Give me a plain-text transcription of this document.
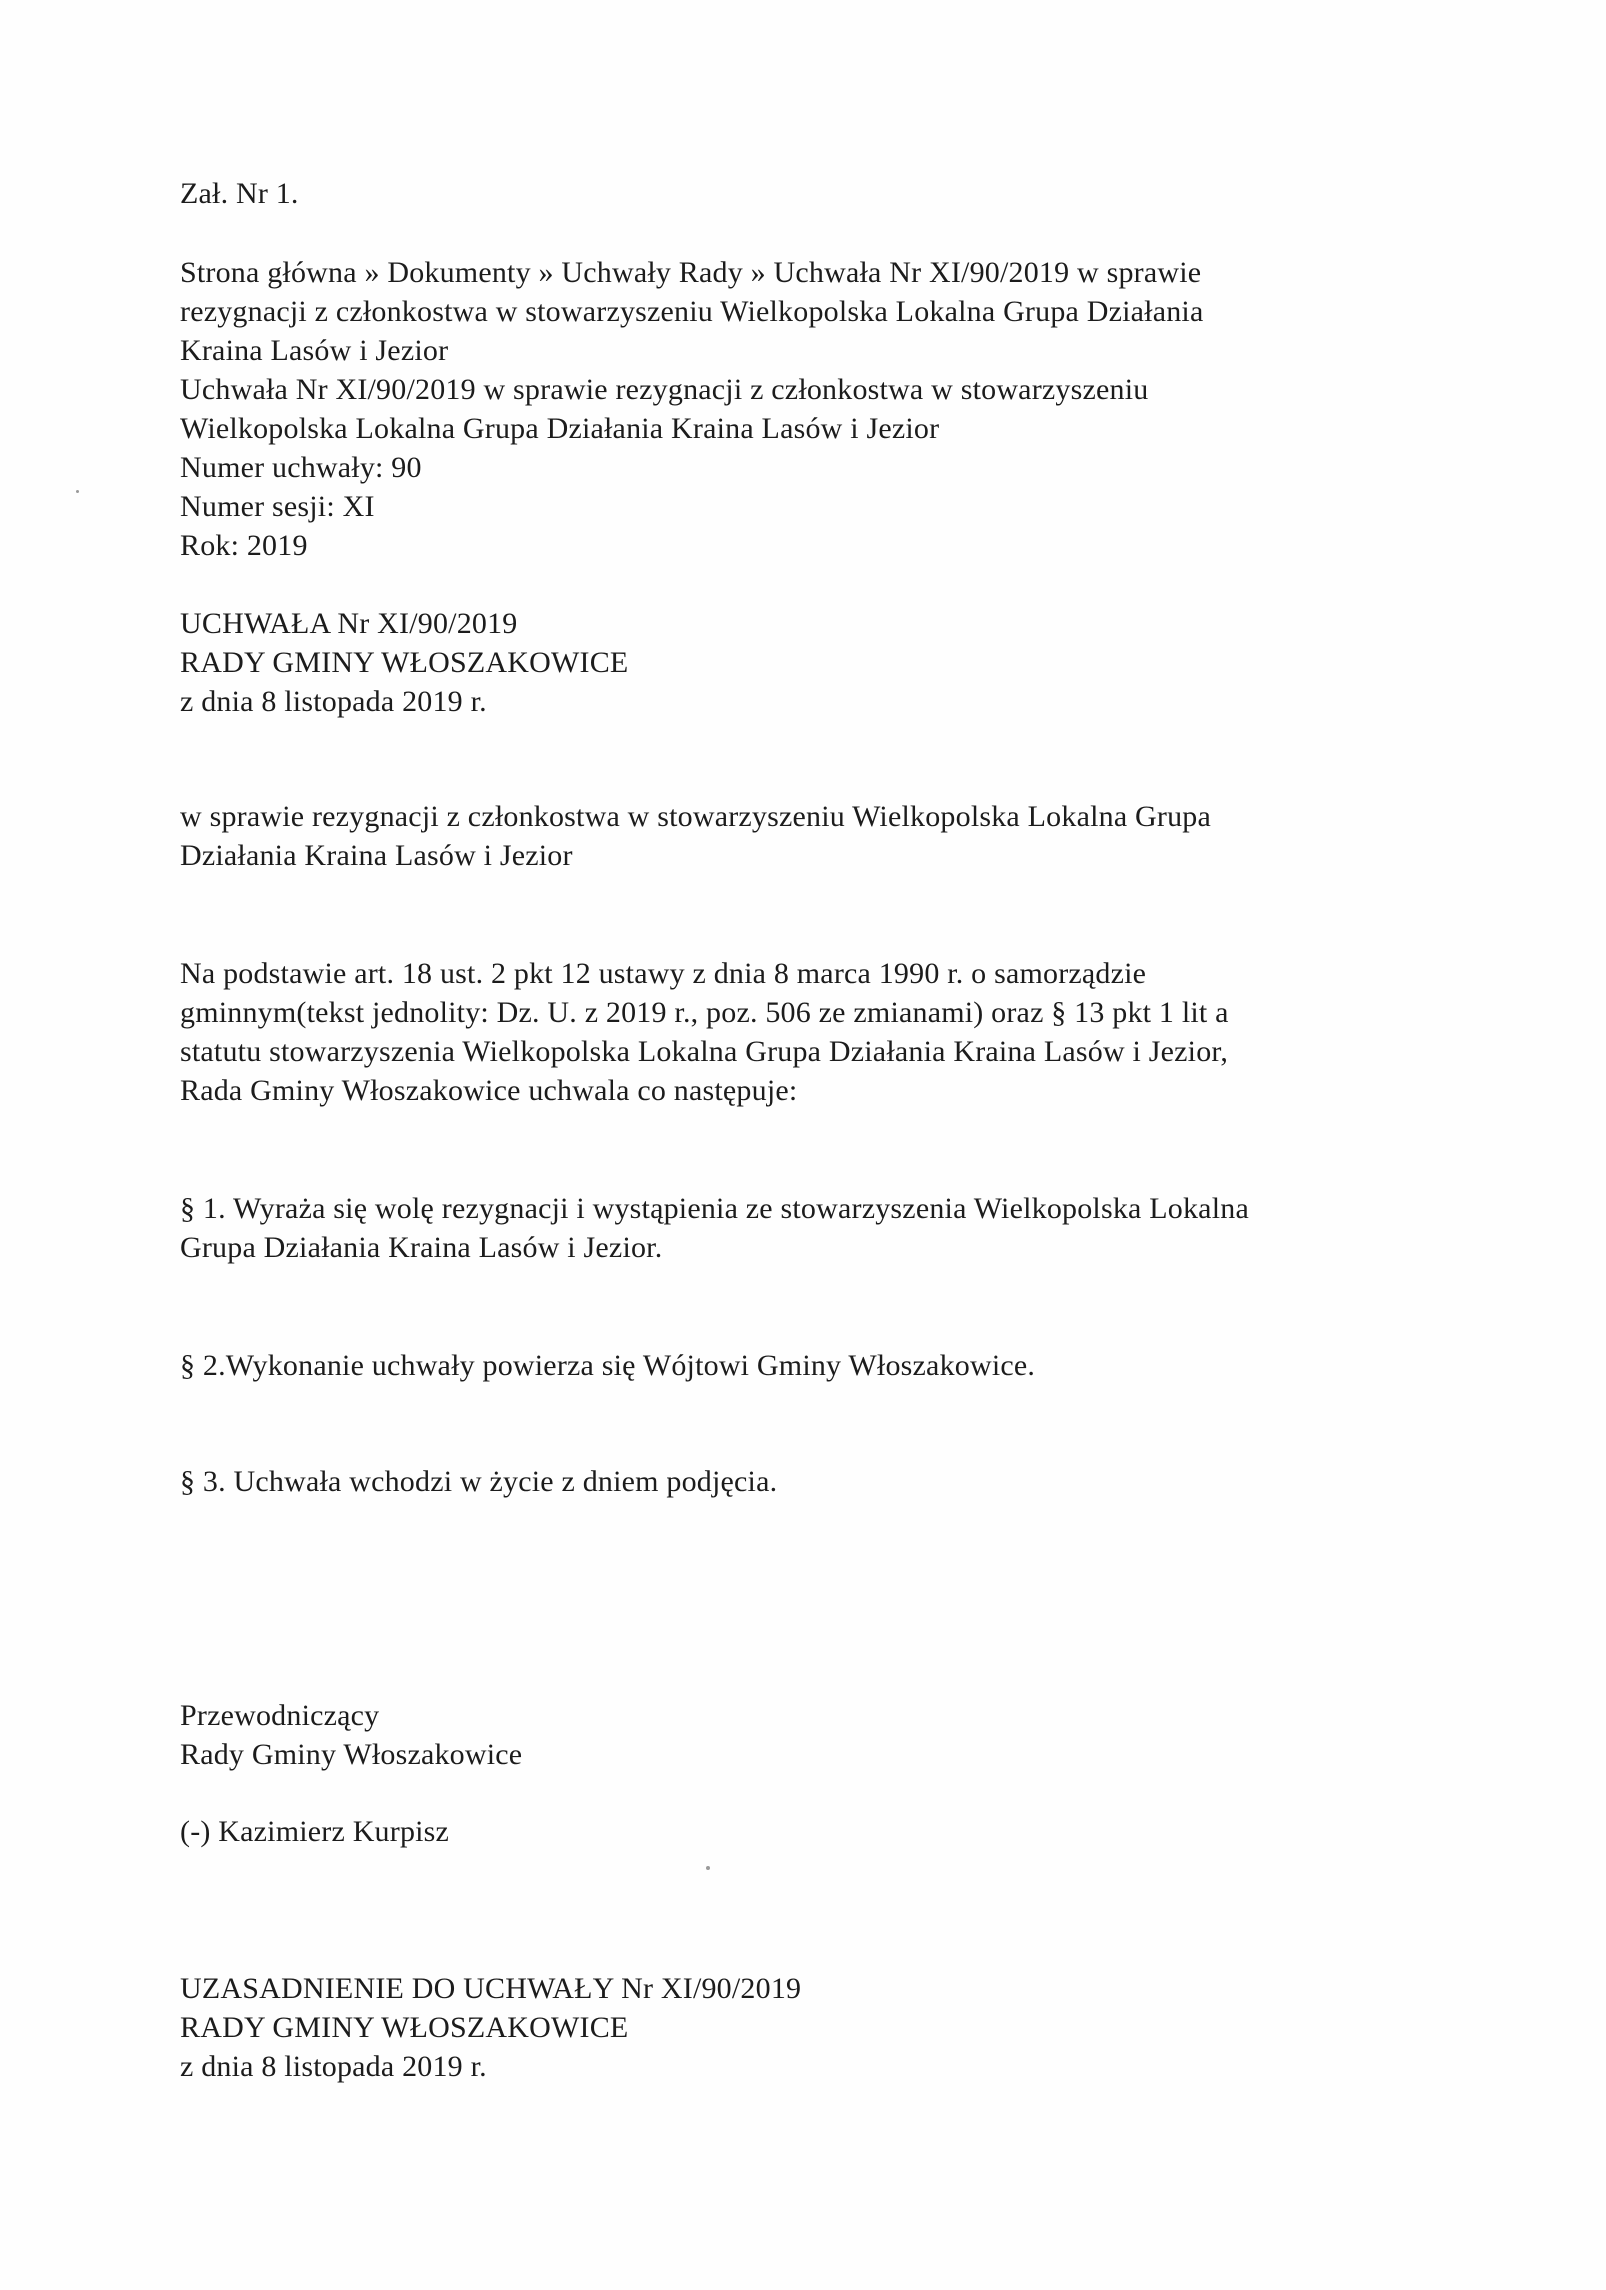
Zał. Nr 1.
Strona główna » Dokumenty » Uchwały Rady » Uchwała Nr XI/90/2019 w sprawie
rezygnacji z członkostwa w stowarzyszeniu Wielkopolska Lokalna Grupa Działania
Kraina Lasów i Jezior
Uchwała Nr XI/90/2019 w sprawie rezygnacji z członkostwa w stowarzyszeniu
Wielkopolska Lokalna Grupa Działania Kraina Lasów i Jezior
Numer uchwały: 90
Numer sesji: XI
Rok: 2019
UCHWAŁA Nr XI/90/2019
RADY GMINY WŁOSZAKOWICE
z dnia 8 listopada 2019 r.
w sprawie rezygnacji z członkostwa w stowarzyszeniu Wielkopolska Lokalna Grupa
Działania Kraina Lasów i Jezior
Na podstawie art. 18 ust. 2 pkt 12 ustawy z dnia 8 marca 1990 r. o samorządzie
gminnym(tekst jednolity: Dz. U. z 2019 r., poz. 506 ze zmianami) oraz § 13 pkt 1 lit a
statutu stowarzyszenia Wielkopolska Lokalna Grupa Działania Kraina Lasów i Jezior,
Rada Gminy Włoszakowice uchwala co następuje:
§ 1. Wyraża się wolę rezygnacji i wystąpienia ze stowarzyszenia Wielkopolska Lokalna
Grupa Działania Kraina Lasów i Jezior.
§ 2.Wykonanie uchwały powierza się Wójtowi Gminy Włoszakowice.
§ 3. Uchwała wchodzi w życie z dniem podjęcia.
Przewodniczący
Rady Gminy Włoszakowice
(-) Kazimierz Kurpisz
UZASADNIENIE DO UCHWAŁY Nr XI/90/2019
RADY GMINY WŁOSZAKOWICE
z dnia 8 listopada 2019 r.
